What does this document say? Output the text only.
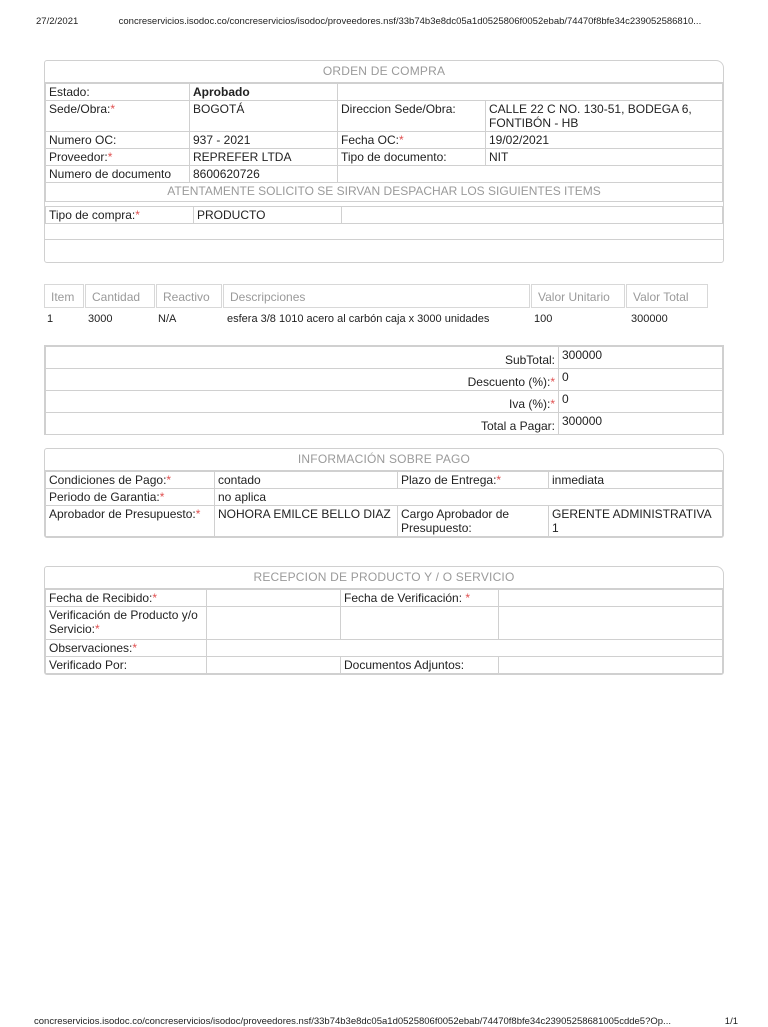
27/2/2021	concreservicios.isodoc.co/concreservicios/isodoc/proveedores.nsf/33b74b3e8dc05a1d0525806f0052ebab/74470f8bfe34c239052586810...
ORDEN DE COMPRA
Estado:	Aprobado		
Sede/Obra:*	BOGOTÁ	Direccion Sede/Obra:	CALLE 22 C NO. 130-51, BODEGA 6, FONTIBÓN - HB
Numero OC:	937 - 2021	Fecha OC:*	19/02/2021
Proveedor:*	REPREFER LTDA	Tipo de documento:	NIT
Numero de documento	8600620726		
ATENTAMENTE SOLICITO SE SIRVAN DESPACHAR LOS SIGUIENTES ITEMS			
Tipo de compra:*	PRODUCTO	
Item	Cantidad	Reactivo	Descripciones	Valor Unitario	Valor Total
1	3000	N/A	esfera 3/8 1010 acero al carbón caja x 3000 unidades	100	300000
SubTotal:	300000
Descuento (%):*	0
Iva (%):*	0
Total a Pagar:	300000
INFORMACIÓN SOBRE PAGO
Condiciones de Pago:*	contado	Plazo de Entrega:*	inmediata
Periodo de Garantia:*	no aplica		
Aprobador de Presupuesto:*	NOHORA EMILCE BELLO DIAZ	Cargo Aprobador de Presupuesto:	GERENTE ADMINISTRATIVA 1
RECEPCION DE PRODUCTO Y / O SERVICIO
Fecha de Recibido:*		Fecha de Verificación: *	
Verificación de Producto y/o Servicio:*			
Observaciones:*			
Verificado Por:		Documentos Adjuntos:	
concreservicios.isodoc.co/concreservicios/isodoc/proveedores.nsf/33b74b3e8dc05a1d0525806f0052ebab/74470f8bfe34c23905258681005cdde5?Op...	1/1
